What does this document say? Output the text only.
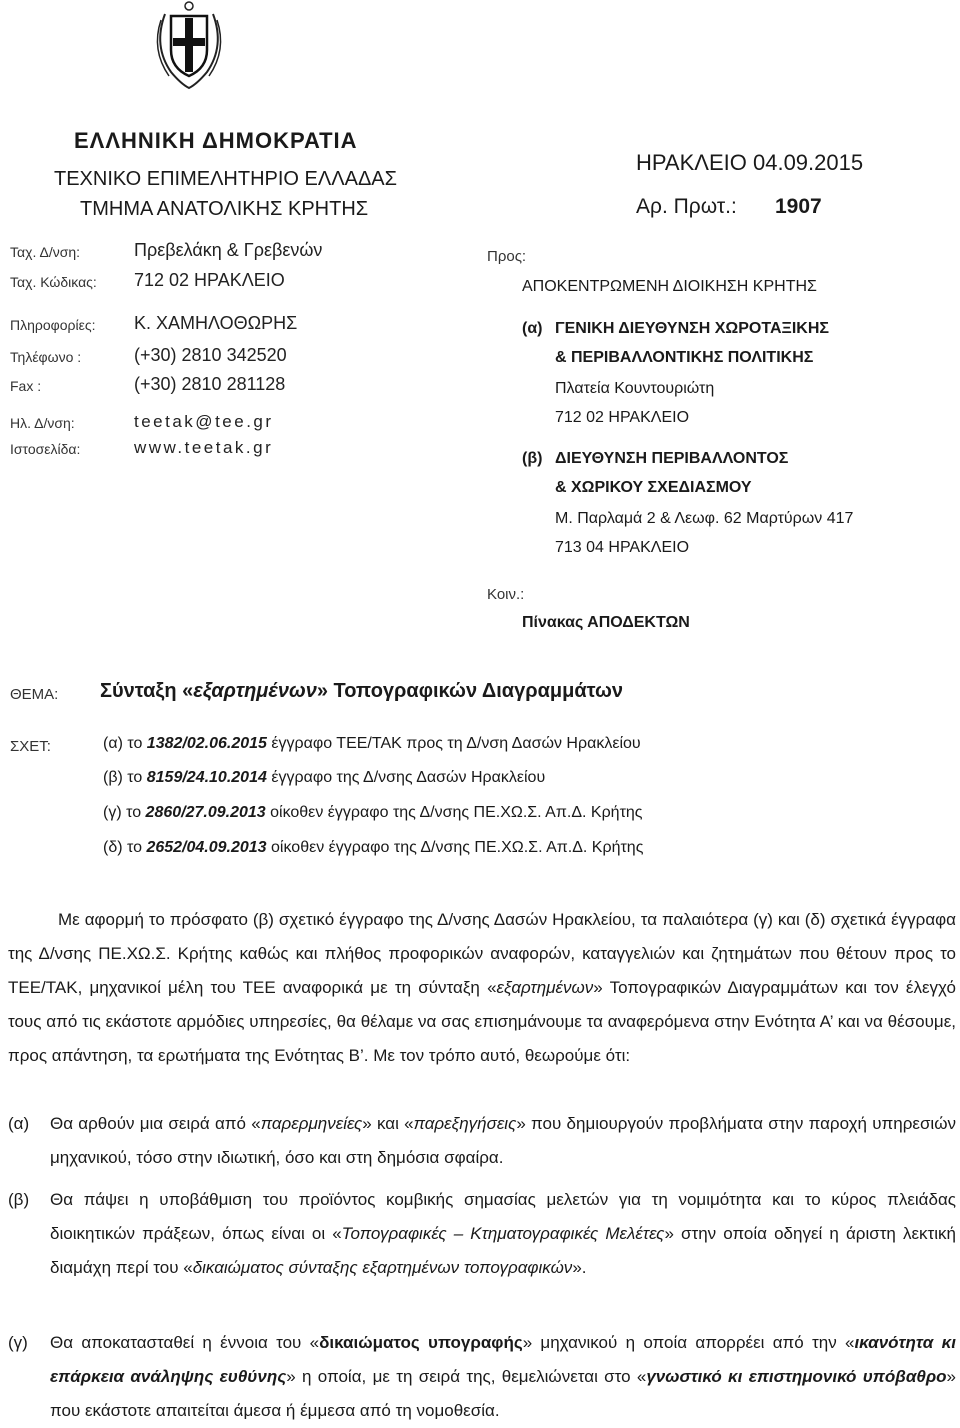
ΕΛΛΗΝΙΚΗ ΔΗΜΟΚΡΑΤΙΑ
ΤΕΧΝΙΚΟ ΕΠΙΜΕΛΗΤΗΡΙΟ ΕΛΛΑΔΑΣ
ΤΜΗΜΑ ΑΝΑΤΟΛΙΚΗΣ ΚΡΗΤΗΣ
Ταχ. Δ/νση:	Πρεβελάκη & Γρεβενών
Ταχ. Κώδικας: 712 02 ΗΡΑΚΛΕΙΟ
Πληροφορίες: Κ. ΧΑΜΗΛΟΘΩΡΗΣ
Τηλέφωνο :	(+30) 2810 342520
Fax :	(+30) 2810 281128
Ηλ. Δ/νση:	teetak@tee.gr
Ιστοσελίδα:	www.teetak.gr
ΗΡΑΚΛΕΙΟ 04.09.2015
Αρ. Πρωτ.: 1907
Προς:
ΑΠΟΚΕΝΤΡΩΜΕΝΗ ΔΙΟΙΚΗΣΗ ΚΡΗΤΗΣ
(α) ΓΕΝΙΚΗ ΔΙΕΥΘΥΝΣΗ ΧΩΡΟΤΑΞΙΚΗΣ
& ΠΕΡΙΒΑΛΛΟΝΤΙΚΗΣ ΠΟΛΙΤΙΚΗΣ
Πλατεία Κουντουριώτη
712 02 ΗΡΑΚΛΕΙΟ
(β) ΔΙΕΥΘΥΝΣΗ ΠΕΡΙΒΑΛΛΟΝΤΟΣ
& ΧΩΡΙΚΟΥ ΣΧΕΔΙΑΣΜΟΥ
Μ. Παρλαμά 2 & Λεωφ. 62 Μαρτύρων 417
713 04 ΗΡΑΚΛΕΙΟ
Κοιν.:
Πίνακας ΑΠΟΔΕΚΤΩΝ
ΘΕΜΑ: Σύνταξη «εξαρτημένων» Τοπογραφικών Διαγραμμάτων
ΣΧΕΤ:	(α) το 1382/02.06.2015 έγγραφο ΤΕΕ/ΤΑΚ προς τη Δ/νση Δασών Ηρακλείου
(β) το 8159/24.10.2014 έγγραφο της Δ/νσης Δασών Ηρακλείου
(γ) το 2860/27.09.2013 οίκοθεν έγγραφο της Δ/νσης ΠΕ.ΧΩ.Σ. Απ.Δ. Κρήτης
(δ) το 2652/04.09.2013 οίκοθεν έγγραφο της Δ/νσης ΠΕ.ΧΩ.Σ. Απ.Δ. Κρήτης

Με αφορμή το πρόσφατο (β) σχετικό έγγραφο της Δ/νσης Δασών Ηρακλείου, τα παλαιότερα (γ) και (δ) σχετικά έγγραφα της Δ/νσης ΠΕ.ΧΩ.Σ. Κρήτης καθώς και πλήθος προφορικών αναφορών, καταγγελιών και ζητημάτων που θέτουν προς το ΤΕΕ/ΤΑΚ, μηχανικοί μέλη του ΤΕΕ αναφορικά με τη σύνταξη «εξαρτημένων» Τοπογραφικών Διαγραμμάτων και τον έλεγχό τους από τις εκάστοτε αρμόδιες υπηρεσίες, θα θέλαμε να σας επισημάνουμε τα αναφερόμενα στην Ενότητα Α’ και να θέσουμε, προς απάντηση, τα ερωτήματα της Ενότητας Β’. Με τον τρόπο αυτό, θεωρούμε ότι:

(α) Θα αρθούν μια σειρά από «παρερμηνείες» και «παρεξηγήσεις» που δημιουργούν προβλήματα στην παροχή υπηρεσιών μηχανικού, τόσο στην ιδιωτική, όσο και στη δημόσια σφαίρα.
(β) Θα πάψει η υποβάθμιση του προϊόντος κομβικής σημασίας μελετών για τη νομιμότητα και το κύρος πλειάδας διοικητικών πράξεων, όπως είναι οι «Τοπογραφικές – Κτηματογραφικές Μελέτες» στην οποία οδηγεί η άριστη λεκτική διαμάχη περί του «δικαιώματος σύνταξης εξαρτημένων τοπογραφικών».
(γ) Θα αποκατασταθεί η έννοια του «δικαιώματος υπογραφής» μηχανικού η οποία απορρέει από την «ικανότητα κι επάρκεια ανάληψης ευθύνης» η οποία, με τη σειρά της, θεμελιώνεται στο «γνωστικό κι επιστημονικό υπόβαθρο» που εκάστοτε απαιτείται άμεσα ή έμμεσα από τη νομοθεσία.
